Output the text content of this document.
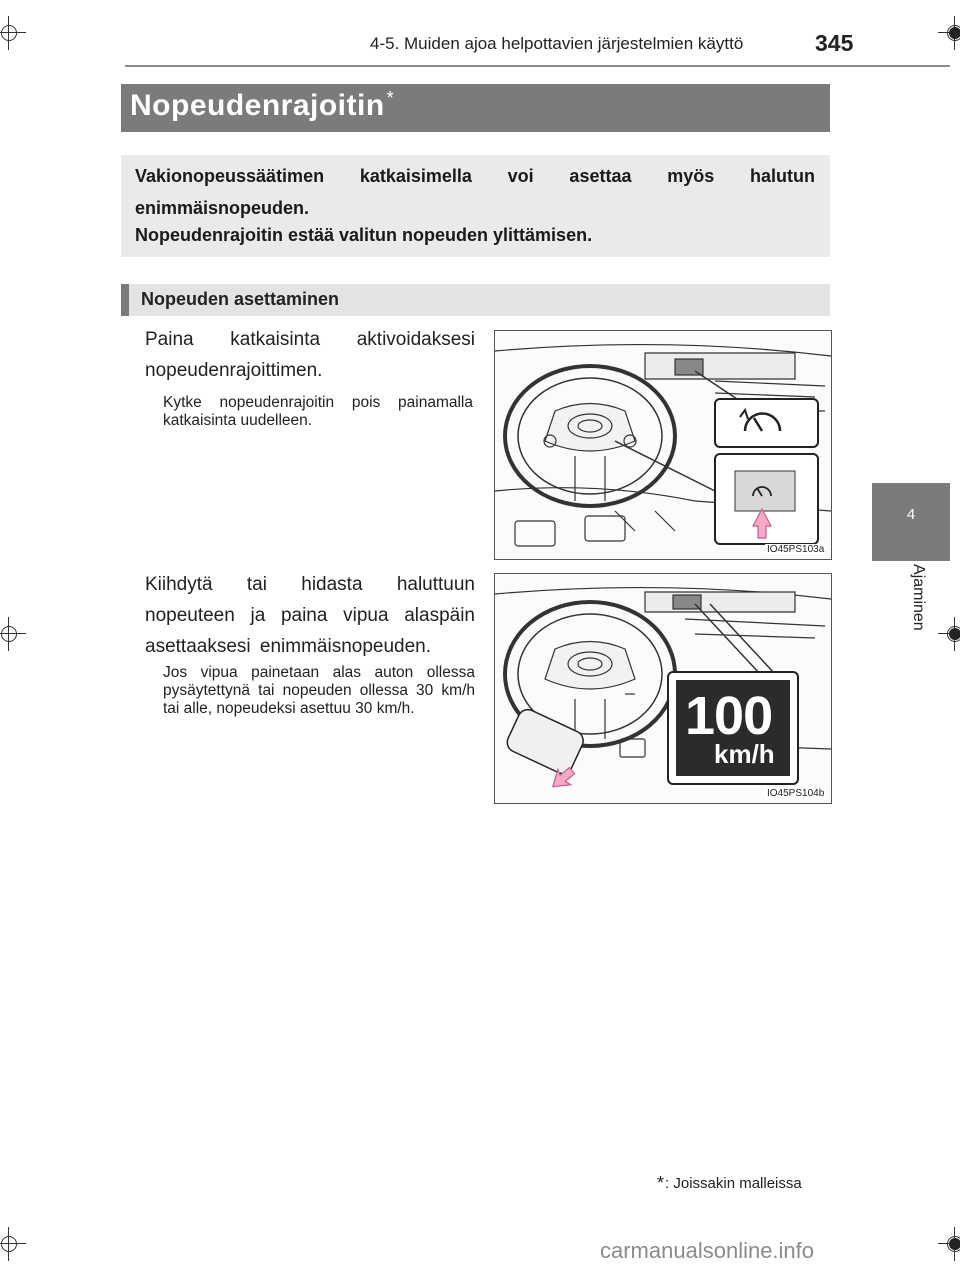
4-5. Muiden ajoa helpottavien järjestelmien käyttö	345
4
Ajaminen
Nopeudenrajoitin *

Vakionopeussäätimen katkaisimella voi asettaa myös halutun enimmäisnopeuden.

Nopeudenrajoitin estää valitun nopeuden ylittämisen.

Nopeuden asettaminen
Paina katkaisinta aktivoidaksesi nopeudenrajoittimen.
Kytke nopeudenrajoitin pois painamalla katkaisinta uudelleen.
IO45PS103a
Kiihdytä tai hidasta haluttuun nopeuteen ja paina vipua alaspäin asettaaksesi enimmäisnopeuden.
Jos vipua painetaan alas auton ollessa pysäytettynä tai nopeuden ollessa 30 km/h tai alle, nopeudeksi asettuu 30 km/h.	100
km/h
IO45PS104b
*: Joissakin malleissa
carmanualsonline.info
